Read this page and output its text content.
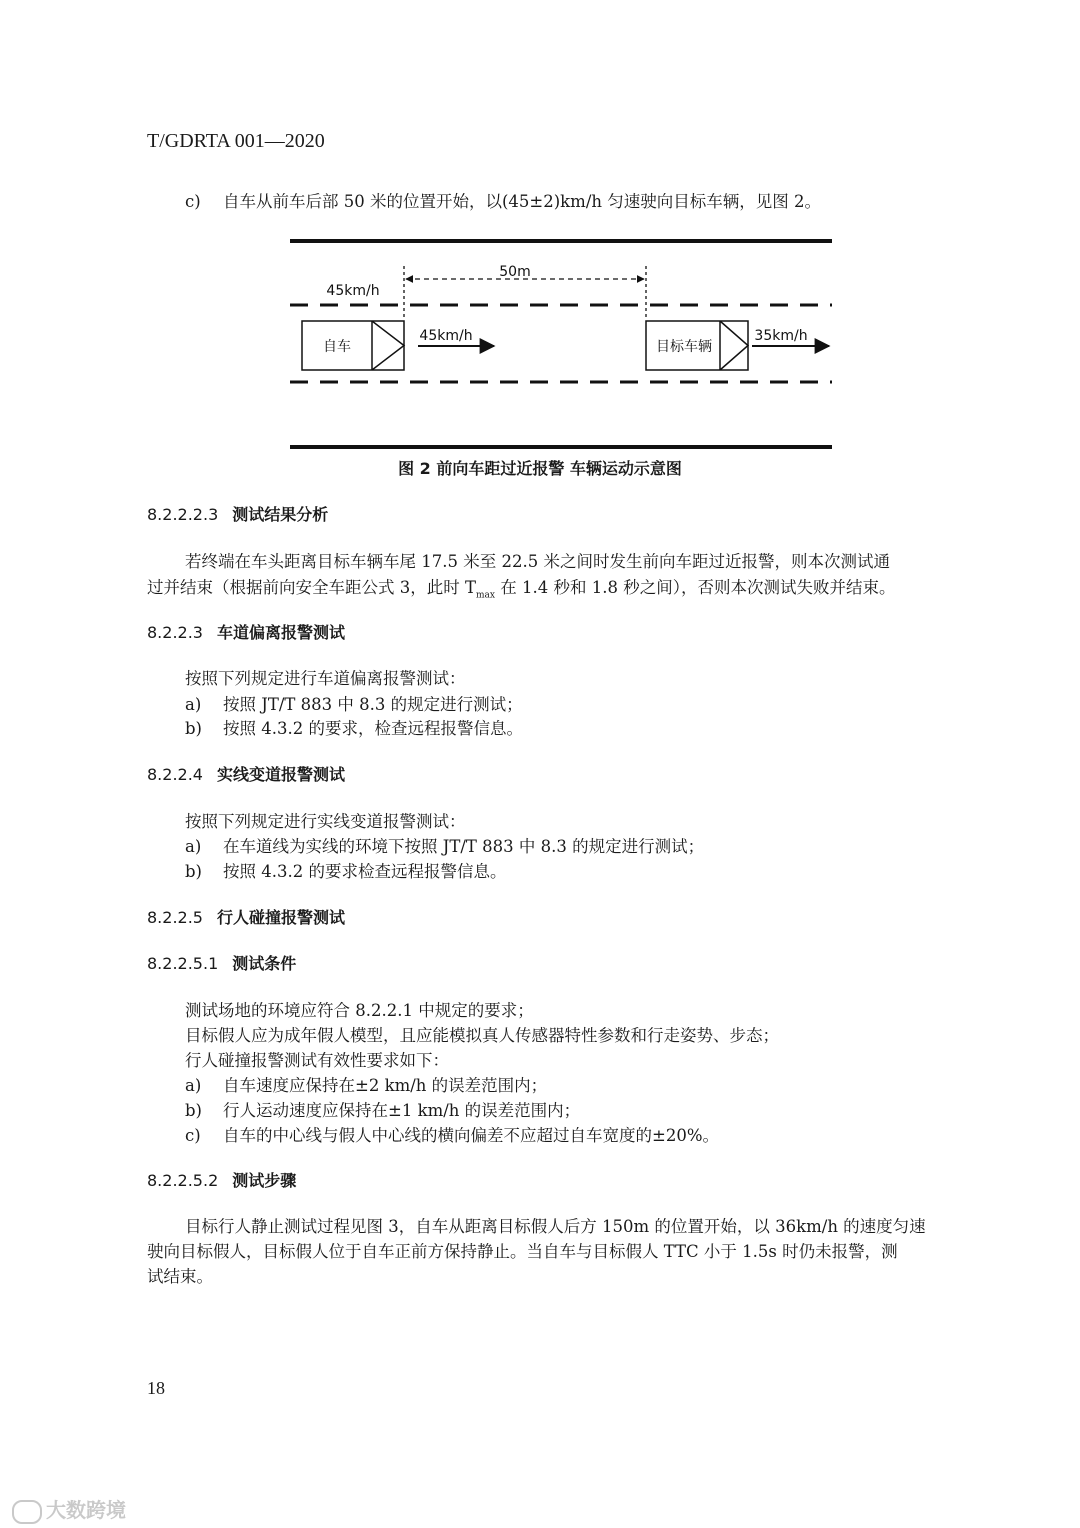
T/GDRTA 001—2020
c) 自车从前车后部 50 米的位置开始，以(45±2)km/h 匀速驶向目标车辆，见图 2。
50m
45km/h
自车
45km/h
目标车辆
35km/h
图 2 前向车距过近报警 车辆运动示意图
8.2.2.2.3 测试结果分析
若终端在车头距离目标车辆车尾 17.5 米至 22.5 米之间时发生前向车距过近报警，则本次测试通
过并结束（根据前向安全车距公式 3，此时 $T_{max}$ 在 1.4 秒和 1.8 秒之间），否则本次测试失败并结束。
8.2.2.3 车道偏离报警测试
按照下列规定进行车道偏离报警测试：
a) 按照 JT/T 883 中 8.3 的规定进行测试；
b) 按照 4.3.2 的要求，检查远程报警信息。
8.2.2.4 实线变道报警测试
按照下列规定进行实线变道报警测试：
a) 在车道线为实线的环境下按照 JT/T 883 中 8.3 的规定进行测试；
b) 按照 4.3.2 的要求检查远程报警信息。
8.2.2.5 行人碰撞报警测试
8.2.2.5.1 测试条件
测试场地的环境应符合 8.2.2.1 中规定的要求；
目标假人应为成年假人模型，且应能模拟真人传感器特性参数和行走姿势、步态；
行人碰撞报警测试有效性要求如下：
a) 自车速度应保持在±2 km/h 的误差范围内；
b) 行人运动速度应保持在±1 km/h 的误差范围内；
c) 自车的中心线与假人中心线的横向偏差不应超过自车宽度的±20%。
8.2.2.5.2 测试步骤
目标行人静止测试过程见图 3，自车从距离目标假人后方 150m 的位置开始，以 36km/h 的速度匀速
驶向目标假人，目标假人位于自车正前方保持静止。当自车与目标假人 TTC 小于 1.5s 时仍未报警，测
试结束。
18
大数跨境
